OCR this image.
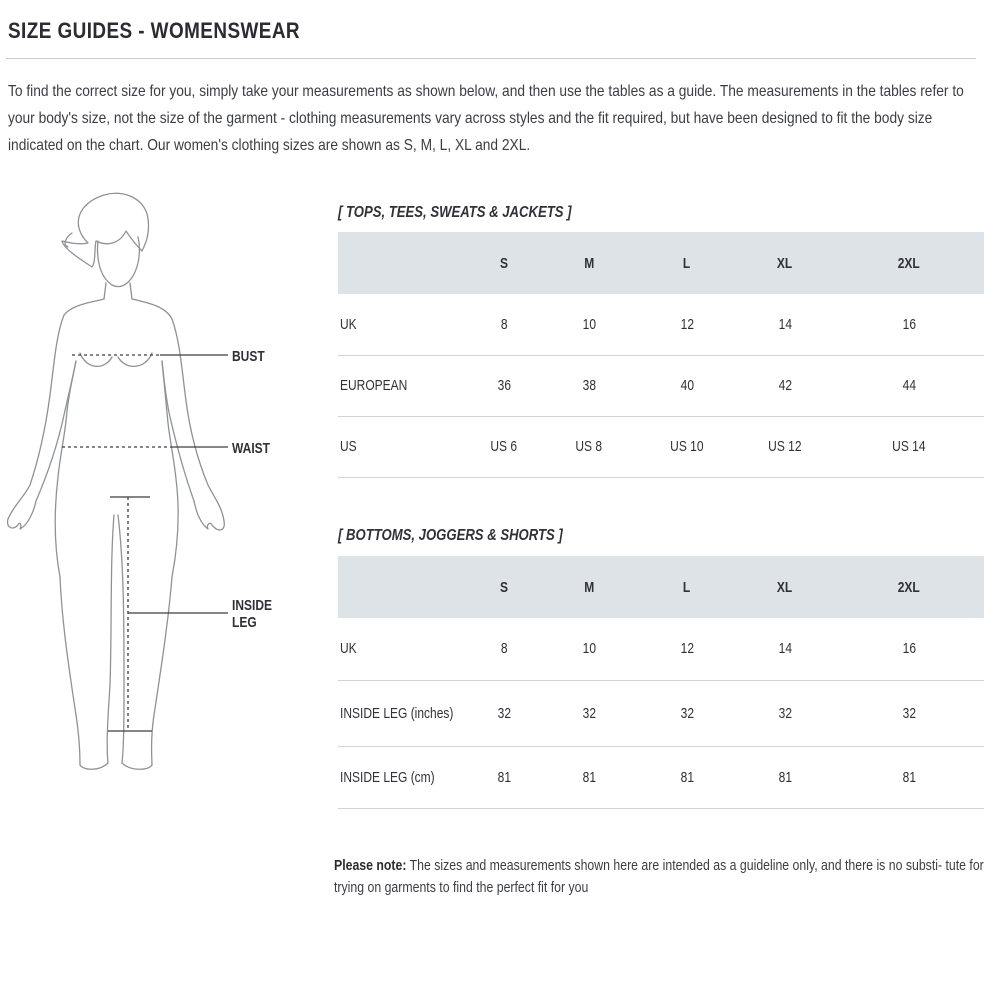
SIZE GUIDES - WOMENSWEAR
To find the correct size for you, simply take your measurements as shown below, and then use the tables as a guide. The measurements in the tables refer to your body's size, not the size of the garment - clothing measurements vary across styles and the fit required, but have been designed to fit the body size indicated on the chart. Our women's clothing sizes are shown as S, M, L, XL and 2XL.
BUST
WAIST
INSIDE
LEG
[ TOPS, TEES, SWEATS & JACKETS ]
	S	M	L	XL	2XL
UK	8	10	12	14	16
EUROPEAN	36	38	40	42	44
US	US 6	US 8	US 10	US 12	US 14
[ BOTTOMS, JOGGERS & SHORTS ]
	S	M	L	XL	2XL
UK	8	10	12	14	16
INSIDE LEG (inches)	32	32	32	32	32
INSIDE LEG (cm)	81	81	81	81	81
Please note: The sizes and measurements shown here are intended as a guideline only, and there is no substi- tute for trying on garments to find the perfect fit for you
